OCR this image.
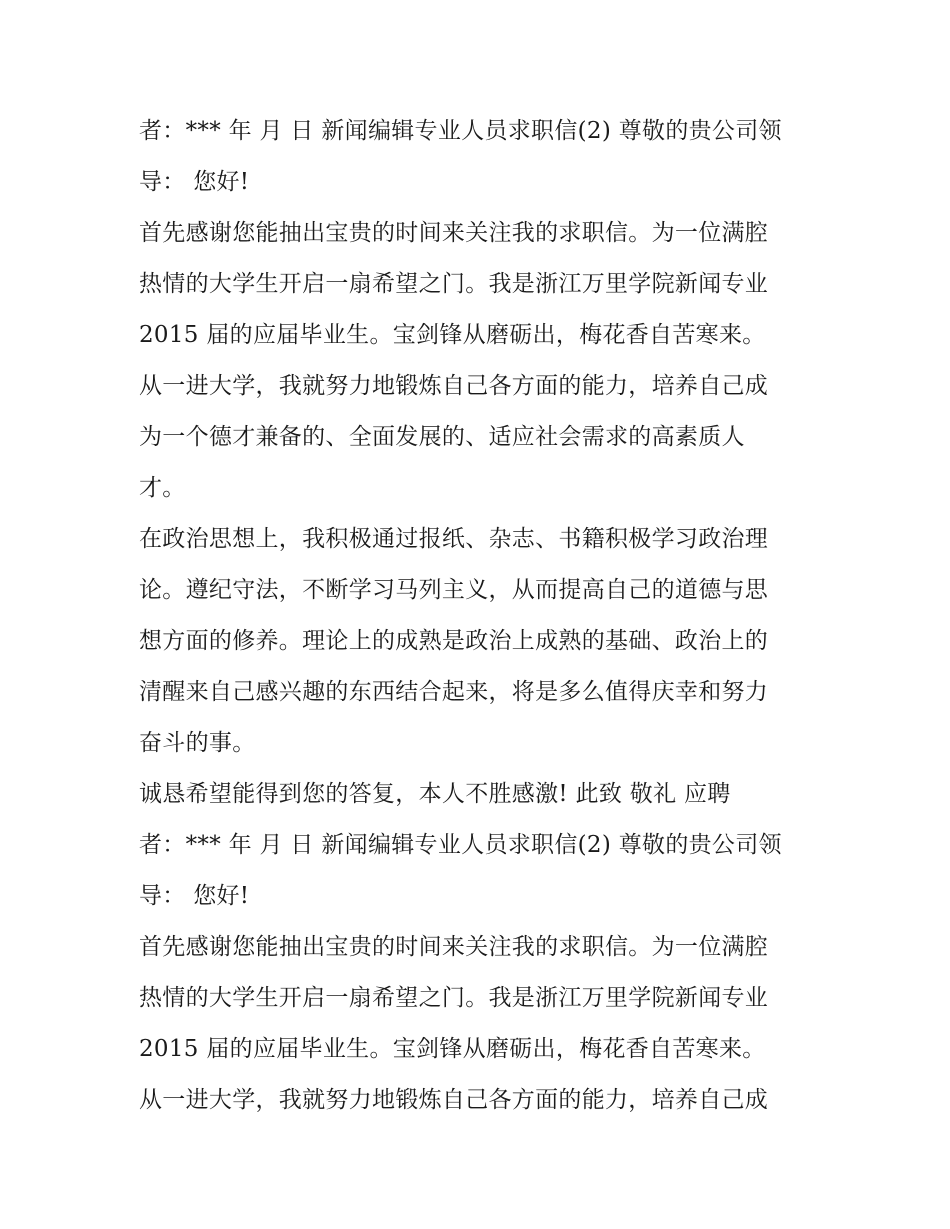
者：*** 年 月 日 新闻编辑专业人员求职信(2) 尊敬的贵公司领
导： 您好!
首先感谢您能抽出宝贵的时间来关注我的求职信。为一位满腔
热情的大学生开启一扇希望之门。我是浙江万里学院新闻专业
2015 届的应届毕业生。宝剑锋从磨砺出，梅花香自苦寒来。
从一进大学，我就努力地锻炼自己各方面的能力，培养自己成
为一个德才兼备的、全面发展的、适应社会需求的高素质人
才。
在政治思想上，我积极通过报纸、杂志、书籍积极学习政治理
论。遵纪守法，不断学习马列主义，从而提高自己的道德与思
想方面的修养。理论上的成熟是政治上成熟的基础、政治上的
清醒来自己感兴趣的东西结合起来，将是多么值得庆幸和努力
奋斗的事。
诚恳希望能得到您的答复，本人不胜感激! 此致 敬礼 应聘
者：*** 年 月 日 新闻编辑专业人员求职信(2) 尊敬的贵公司领
导： 您好!
首先感谢您能抽出宝贵的时间来关注我的求职信。为一位满腔
热情的大学生开启一扇希望之门。我是浙江万里学院新闻专业
2015 届的应届毕业生。宝剑锋从磨砺出，梅花香自苦寒来。
从一进大学，我就努力地锻炼自己各方面的能力，培养自己成
